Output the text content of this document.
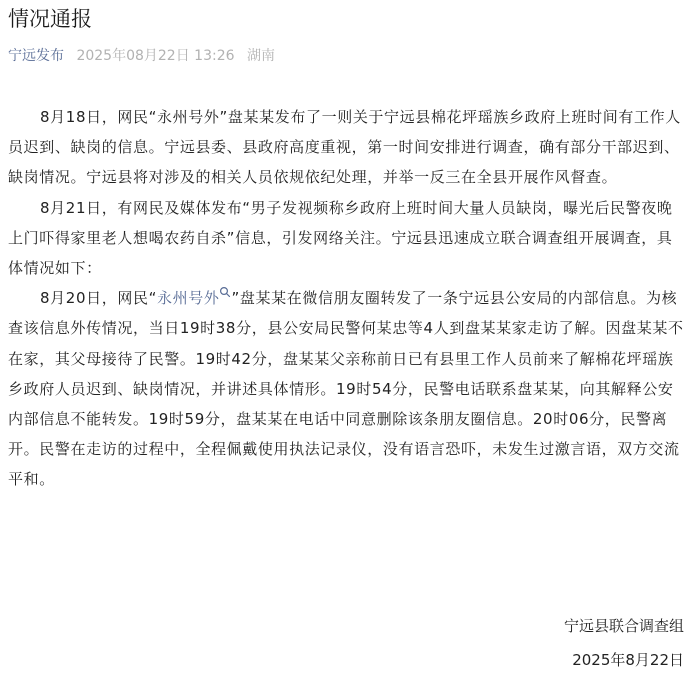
情况通报
宁远发布 2025年08月22日 13:26 湖南

8月18日，网民“永州号外”盘某某发布了一则关于宁远县棉花坪瑶族乡政府上班时间有工作人员迟到、缺岗的信息。宁远县委、县政府高度重视，第一时间安排进行调查，确有部分干部迟到、缺岗情况。宁远县将对涉及的相关人员依规依纪处理，并举一反三在全县开展作风督查。

8月21日，有网民及媒体发布“男子发视频称乡政府上班时间大量人员缺岗，曝光后民警夜晚上门吓得家里老人想喝农药自杀”信息，引发网络关注。宁远县迅速成立联合调查组开展调查，具体情况如下：

8月20日，网民“永州号外 ”盘某某在微信朋友圈转发了一条宁远县公安局的内部信息。为核查该信息外传情况，当日19时38分，县公安局民警何某忠等4人到盘某某家走访了解。因盘某某不在家，其父母接待了民警。19时42分，盘某某父亲称前日已有县里工作人员前来了解棉花坪瑶族乡政府人员迟到、缺岗情况，并讲述具体情形。19时54分，民警电话联系盘某某，向其解释公安内部信息不能转发。19时59分，盘某某在电话中同意删除该条朋友圈信息。20时06分，民警离开。民警在走访的过程中，全程佩戴使用执法记录仪，没有语言恐吓，未发生过激言语，双方交流平和。

宁远县联合调查组
2025年8月22日
